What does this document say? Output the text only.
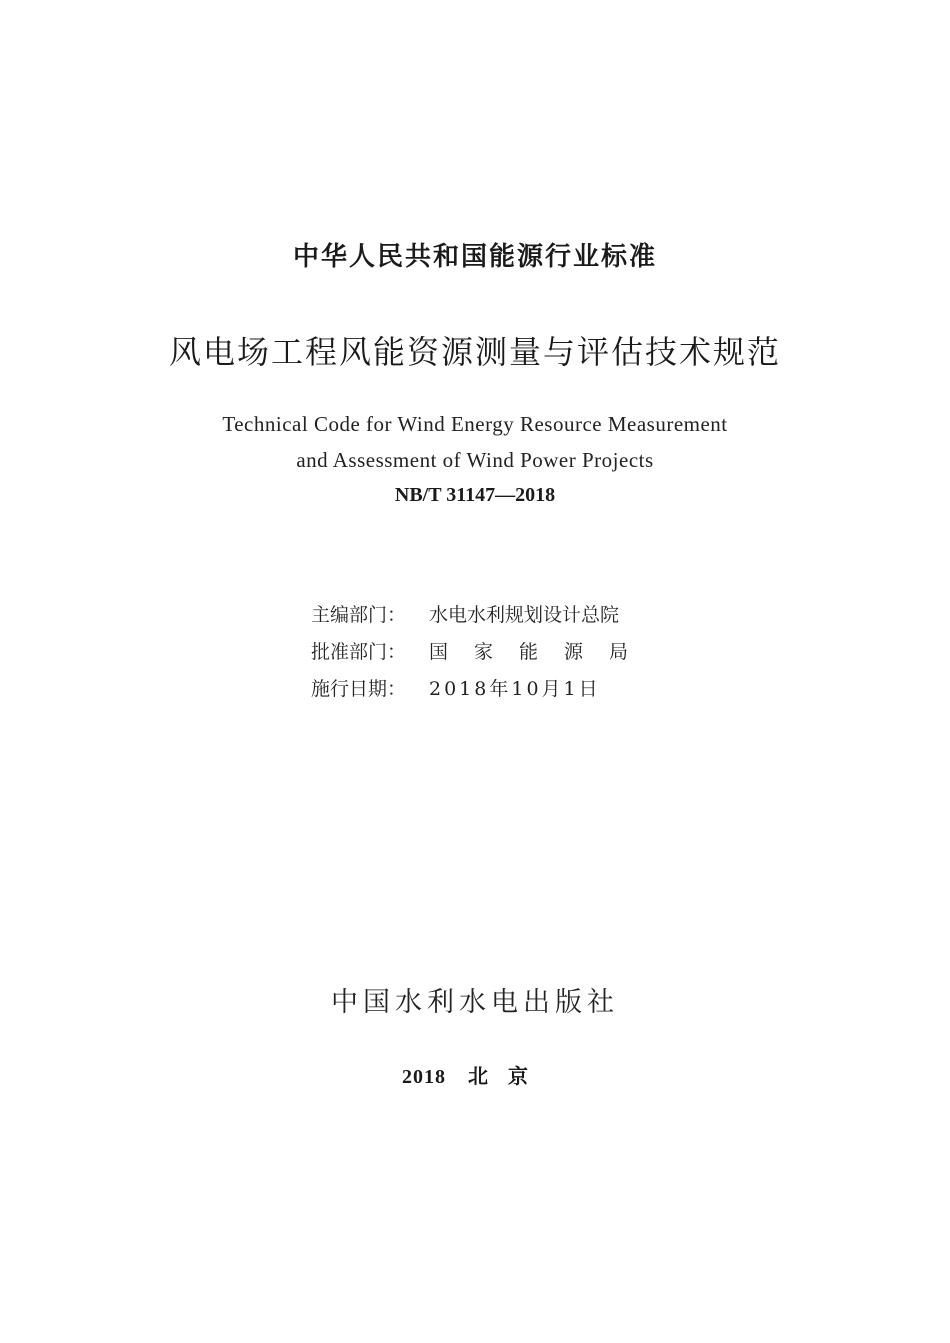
中华人民共和国能源行业标准
风电场工程风能资源测量与评估技术规范
Technical Code for Wind Energy Resource Measurement
and Assessment of Wind Power Projects
NB/T 31147—2018
主编部门：	水电水利规划设计总院
批准部门：	国家能源局
施行日期：	2018年10月1日
中国水利水电出版社
2018 北京
